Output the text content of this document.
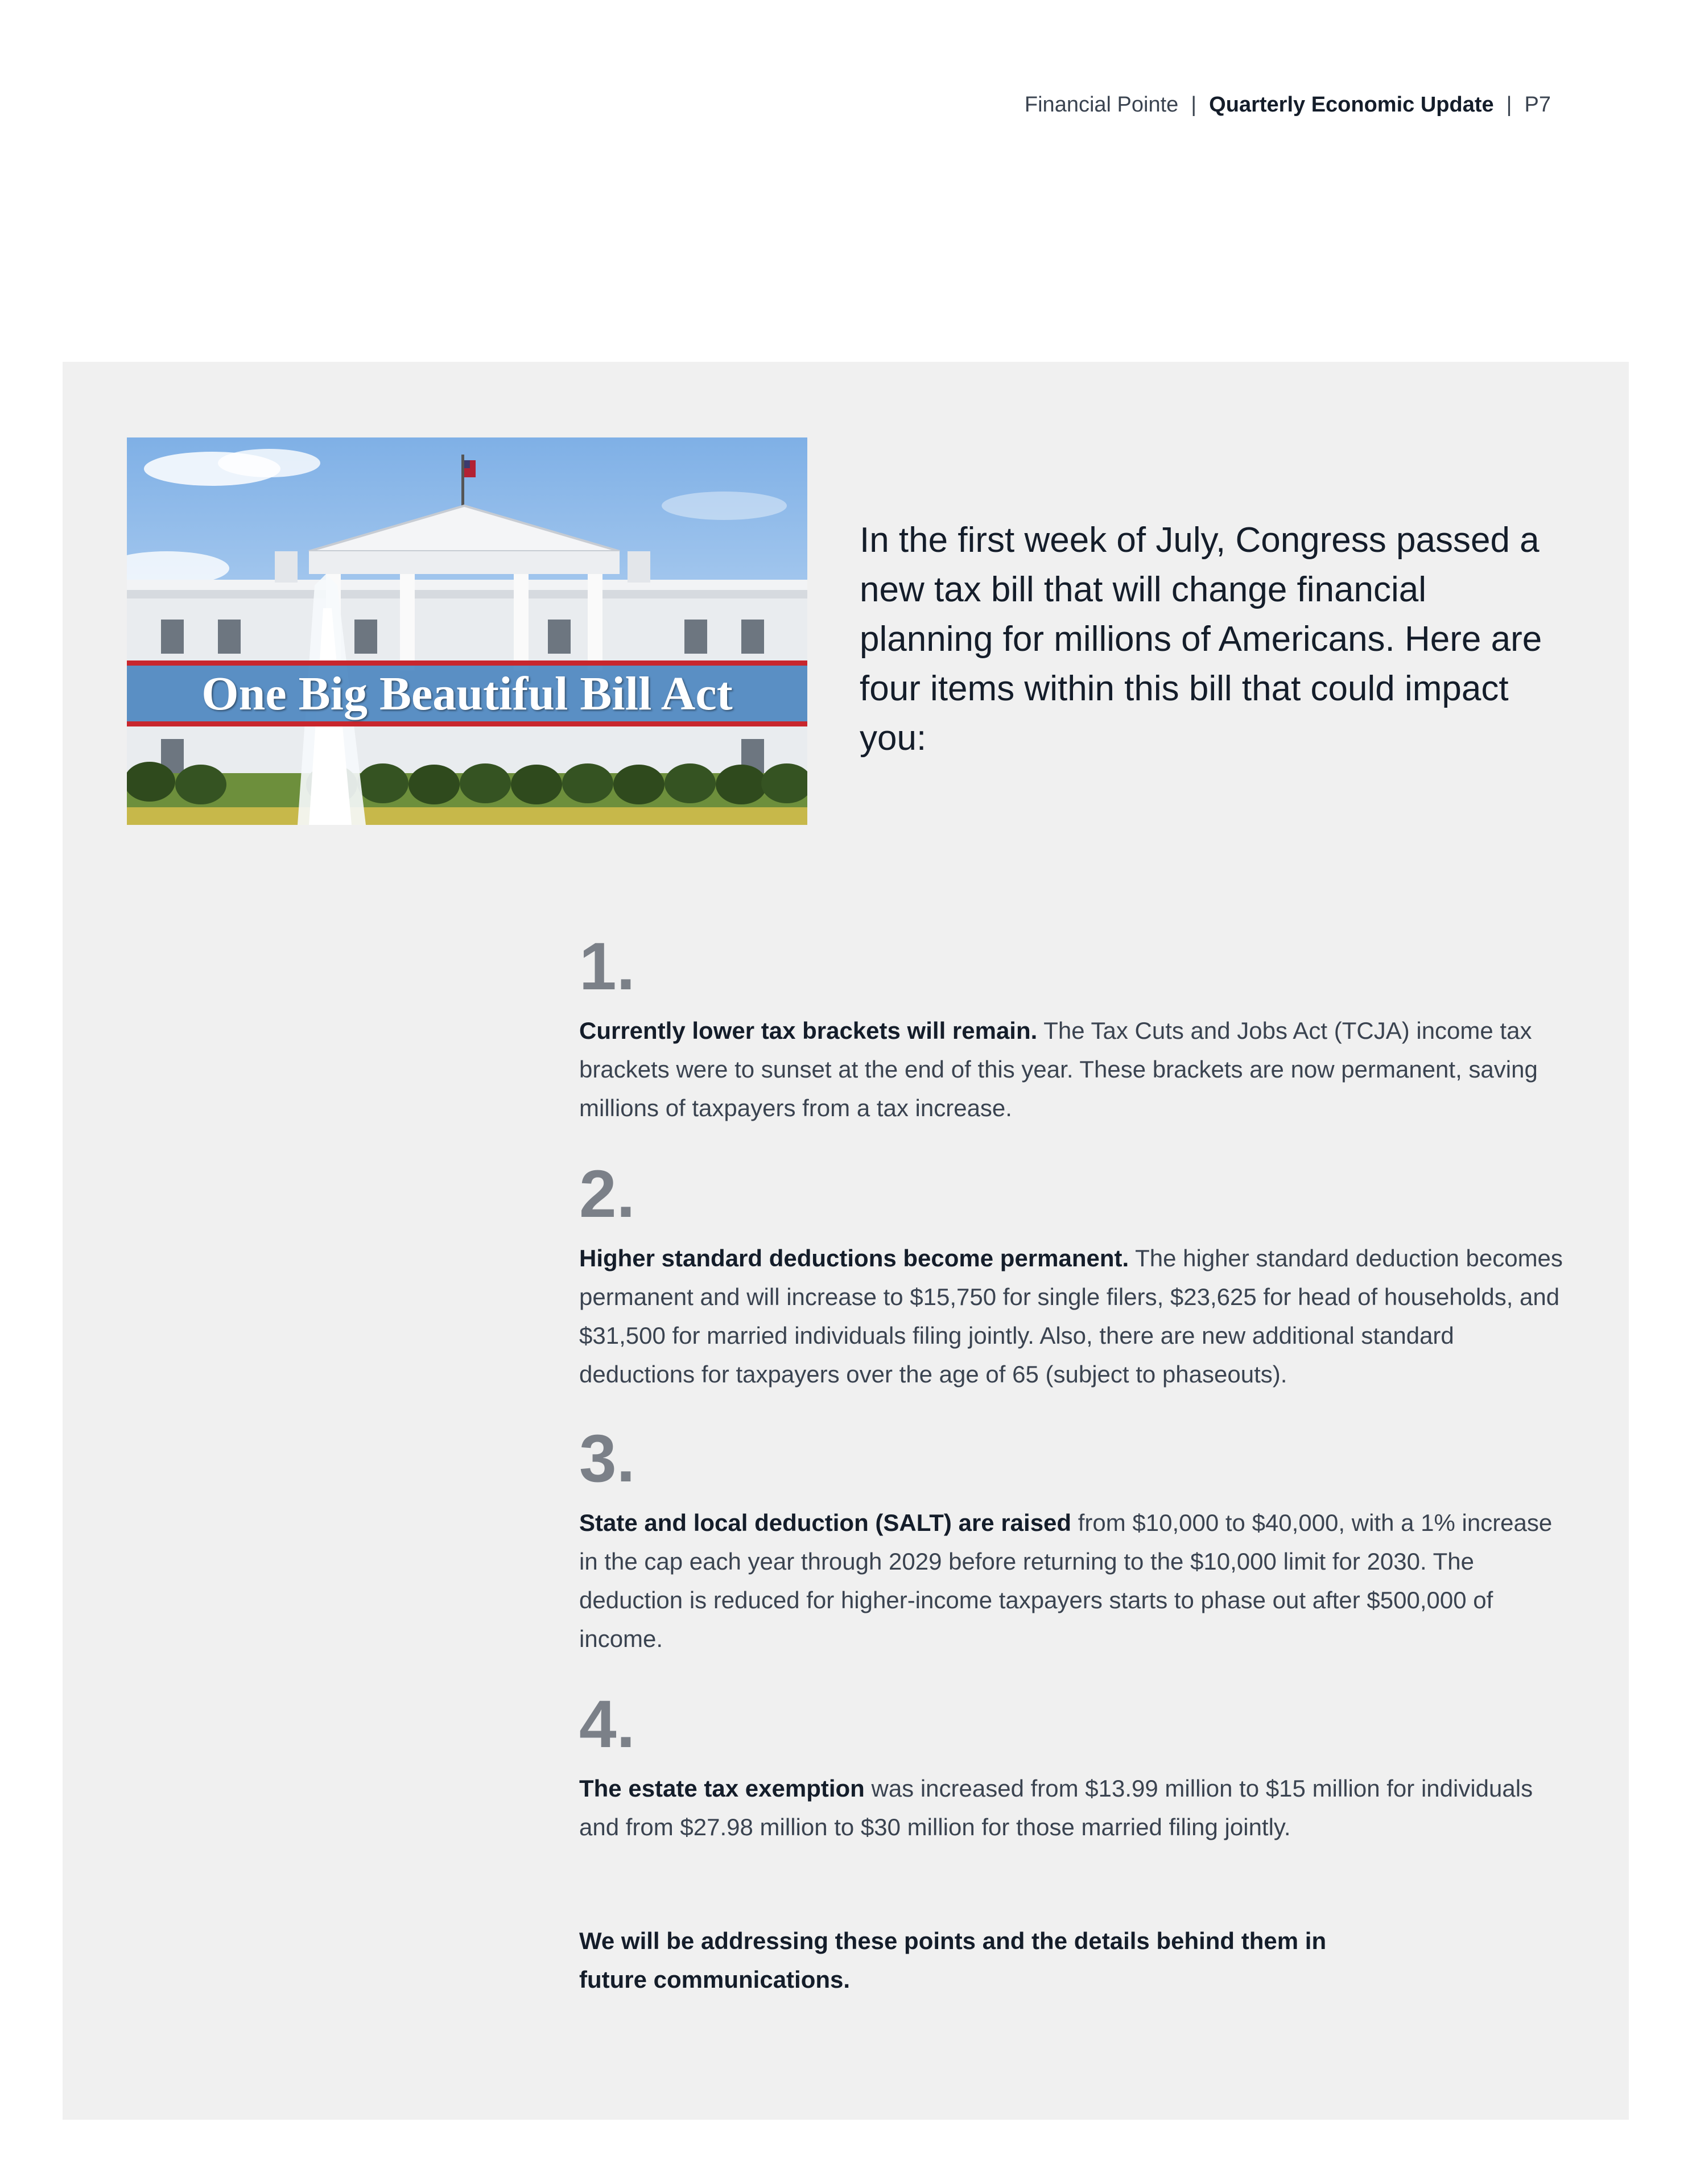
Financial Pointe | Quarterly Economic Update | P7
One Big Beautiful Bill Act
In the first week of July, Congress passed a new tax bill that will change financial planning for millions of Americans. Here are four items within this bill that could impact you:
1.
Currently lower tax brackets will remain. The Tax Cuts and Jobs Act (TCJA) income tax brackets were to sunset at the end of this year. These brackets are now permanent, saving millions of taxpayers from a tax increase.
2.
Higher standard deductions become permanent. The higher standard deduction becomes permanent and will increase to $15,750 for single filers, $23,625 for head of households, and $31,500 for married individuals filing jointly. Also, there are new additional standard deductions for taxpayers over the age of 65 (subject to phaseouts).
3.
State and local deduction (SALT) are raised from $10,000 to $40,000, with a 1% increase in the cap each year through 2029 before returning to the $10,000 limit for 2030. The deduction is reduced for higher-income taxpayers starts to phase out after $500,000 of income.
4.
The estate tax exemption was increased from $13.99 million to $15 million for individuals and from $27.98 million to $30 million for those married filing jointly.
We will be addressing these points and the details behind them in future communications.
